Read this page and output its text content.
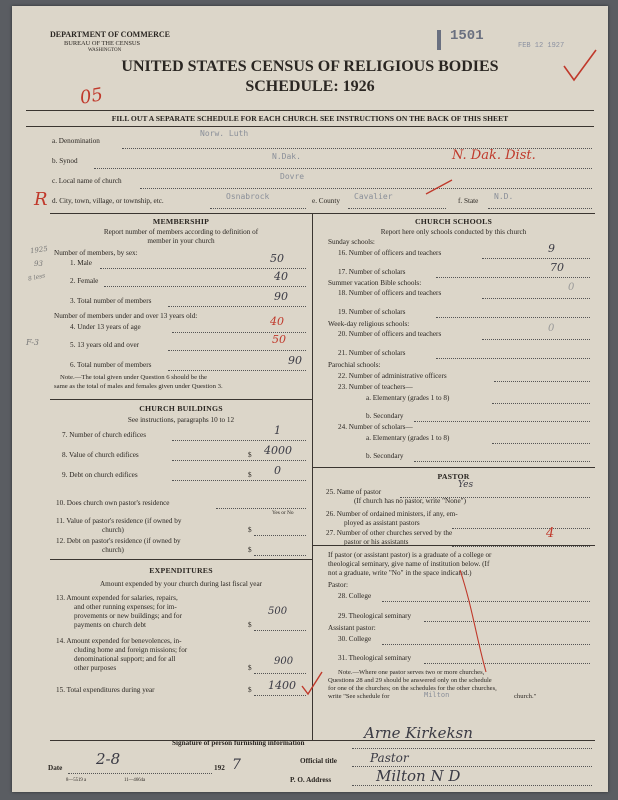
DEPARTMENT OF COMMERCE
BUREAU OF THE CENSUS
WASHINGTON
1501
FEB 12 1927
UNITED STATES CENSUS OF RELIGIOUS BODIES
SCHEDULE: 1926
05
FILL OUT A SEPARATE SCHEDULE FOR EACH CHURCH. SEE INSTRUCTIONS ON THE BACK OF THIS SHEET
a. Denomination
Norw. Luth
b. Synod	N.Dak.	N. Dak. Dist.
c. Local name of church	Dovre
R d. City, town, village, or township, etc.	Osnabrock	e. County Cavalier	f. State N.D.
MEMBERSHIP
Report number of members according to definition of
member in your church
Number of members, by sex:
1. Male	50
2. Female	40
3. Total number of members	90
Number of members under and over 13 years old:
4. Under 13 years of age	40
5. 13 years old and over	50
6. Total number of members	90
Note.—The total given under Question 6 should be the
same as the total of males and females given under Question 3.
1925
93
8 less
F-3
CHURCH BUILDINGS
See instructions, paragraphs 10 to 12
7. Number of church edifices	1
8. Value of church edifices	$ 4000
9. Debt on church edifices	$ 0
10. Does church own pastor's residence
Yes or No
11. Value of pastor's residence (if owned by
church)	$
12. Debt on pastor's residence (if owned by
church)	$
EXPENDITURES
Amount expended by your church during last fiscal year
13. Amount expended for salaries, repairs,
and other running expenses; for im-
provements or new buildings; and for
payments on church debt	$
500
14. Amount expended for benevolences, in-
cluding home and foreign missions; for
denominational support; and for all
other purposes	$
900
15. Total expenditures during year	$ 1400
CHURCH SCHOOLS
Report here only schools conducted by this church
Sunday schools:
16. Number of officers and teachers	9
17. Number of scholars	70
Summer vacation Bible schools:
18. Number of officers and teachers	0
19. Number of scholars
Week-day religious schools:
20. Number of officers and teachers	0
21. Number of scholars
Parochial schools:
22. Number of administrative officers
23. Number of teachers—
a. Elementary (grades 1 to 8)
b. Secondary
24. Number of scholars—
a. Elementary (grades 1 to 8)
b. Secondary
PASTOR
25. Name of pastor
Yes
(If church has no pastor, write "None")
26. Number of ordained ministers, if any, em-
ployed as assistant pastors
27. Number of other churches served by the
pastor or his assistants
4
If pastor (or assistant pastor) is a graduate of a college or
theological seminary, give name of institution below. (If
not a graduate, write "No" in the space indicated.)
Pastor:
28. College
29. Theological seminary
Assistant pastor:
30. College
31. Theological seminary
Note.—Where one pastor serves two or more churches,
Questions 28 and 29 should be answered only on the schedule
for one of the churches; on the schedules for the other churches,
write "See schedule for	Milton	church."
Signature of person furnishing information
Arne Kirkeksn
Official title	Pastor
Date 2-8	192 7
P. O. Address	Milton N D
8—5519 a	11—4664a
